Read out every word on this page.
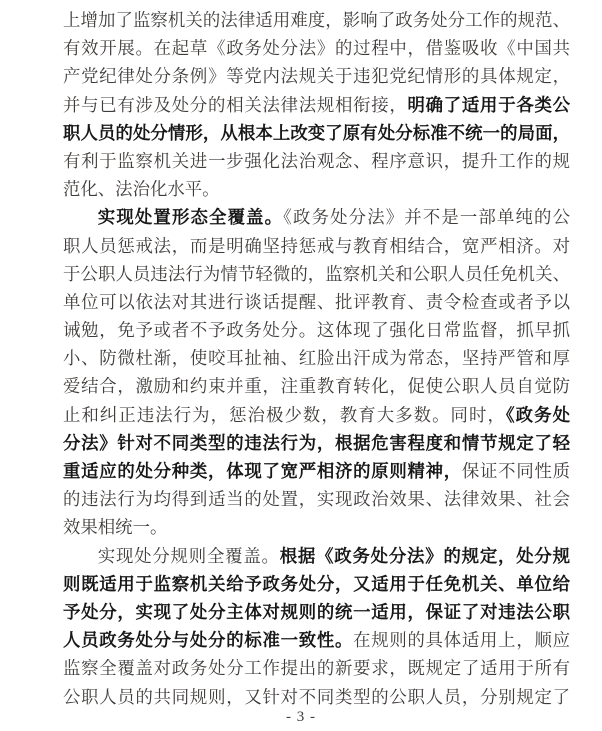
上增加了监察机关的法律适用难度，影响了政务处分工作的规范、
有效开展。在起草《政务处分法》的过程中，借鉴吸收《中国共
产党纪律处分条例》等党内法规关于违犯党纪情形的具体规定，
并与已有涉及处分的相关法律法规相衔接，明确了适用于各类公
职人员的处分情形，从根本上改变了原有处分标准不统一的局面，
有利于监察机关进一步强化法治观念、程序意识，提升工作的规
范化、法治化水平。
实现处置形态全覆盖。《政务处分法》并不是一部单纯的公
职人员惩戒法，而是明确坚持惩戒与教育相结合，宽严相济。对
于公职人员违法行为情节轻微的，监察机关和公职人员任免机关、
单位可以依法对其进行谈话提醒、批评教育、责令检查或者予以
诫勉，免予或者不予政务处分。这体现了强化日常监督，抓早抓
小、防微杜渐，使咬耳扯袖、红脸出汗成为常态，坚持严管和厚
爱结合，激励和约束并重，注重教育转化，促使公职人员自觉防
止和纠正违法行为，惩治极少数，教育大多数。同时，《政务处
分法》针对不同类型的违法行为，根据危害程度和情节规定了轻
重适应的处分种类，体现了宽严相济的原则精神，保证不同性质
的违法行为均得到适当的处置，实现政治效果、法律效果、社会
效果相统一。
实现处分规则全覆盖。根据《政务处分法》的规定，处分规
则既适用于监察机关给予政务处分，又适用于任免机关、单位给
予处分，实现了处分主体对规则的统一适用，保证了对违法公职
人员政务处分与处分的标准一致性。在规则的具体适用上，顺应
监察全覆盖对政务处分工作提出的新要求，既规定了适用于所有
公职人员的共同规则，又针对不同类型的公职人员，分别规定了
- 3 -
